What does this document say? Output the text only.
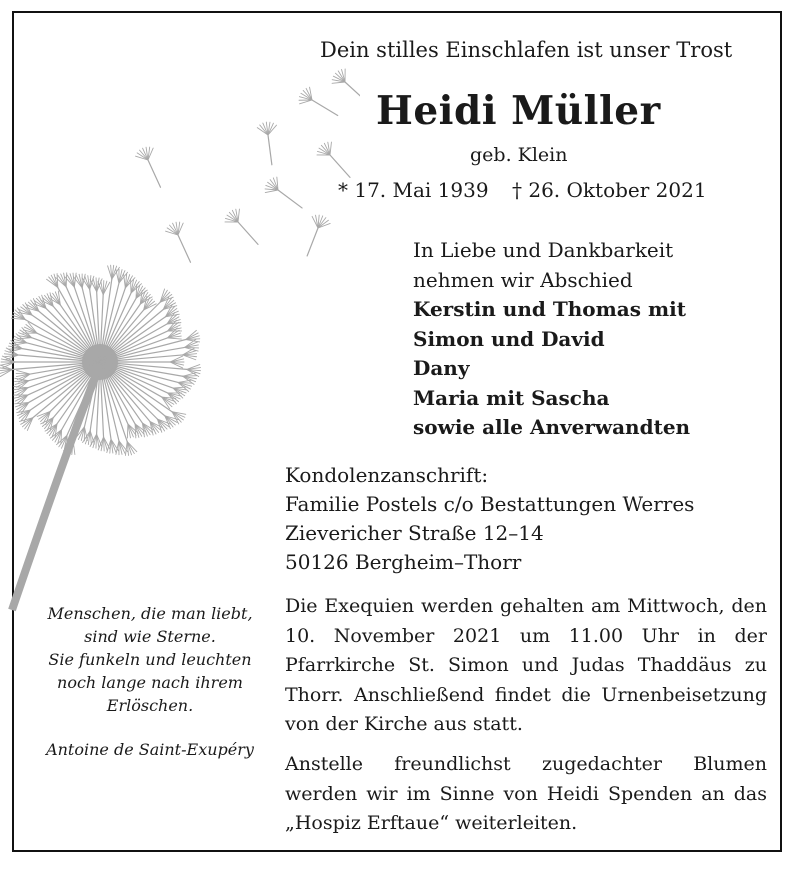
Dein stilles Einschlafen ist unser Trost
Heidi Müller
geb. Klein
* 17. Mai 1939 † 26. Oktober 2021
In Liebe und Dankbarkeit
nehmen wir Abschied
Kerstin und Thomas mit
Simon und David
Dany
Maria mit Sascha
sowie alle Anverwandten
Kondolenzanschrift:
Familie Postels c/o Bestattungen Werres
Zievericher Straße 12–14
50126 Bergheim–Thorr
Die Exequien werden gehalten am Mittwoch, den 10. November 2021 um 11.00 Uhr in der Pfarrkirche St. Simon und Judas Thaddäus zu Thorr. Anschließend findet die Urnenbeisetzung von der Kirche aus statt.
Anstelle freundlichst zugedachter Blumen werden wir im Sinne von Heidi Spenden an das „Hospiz Erftaue“ weiterleiten.
Menschen, die man liebt,
sind wie Sterne.
Sie funkeln und leuchten
noch lange nach ihrem
Erlöschen.
Antoine de Saint-Exupéry
